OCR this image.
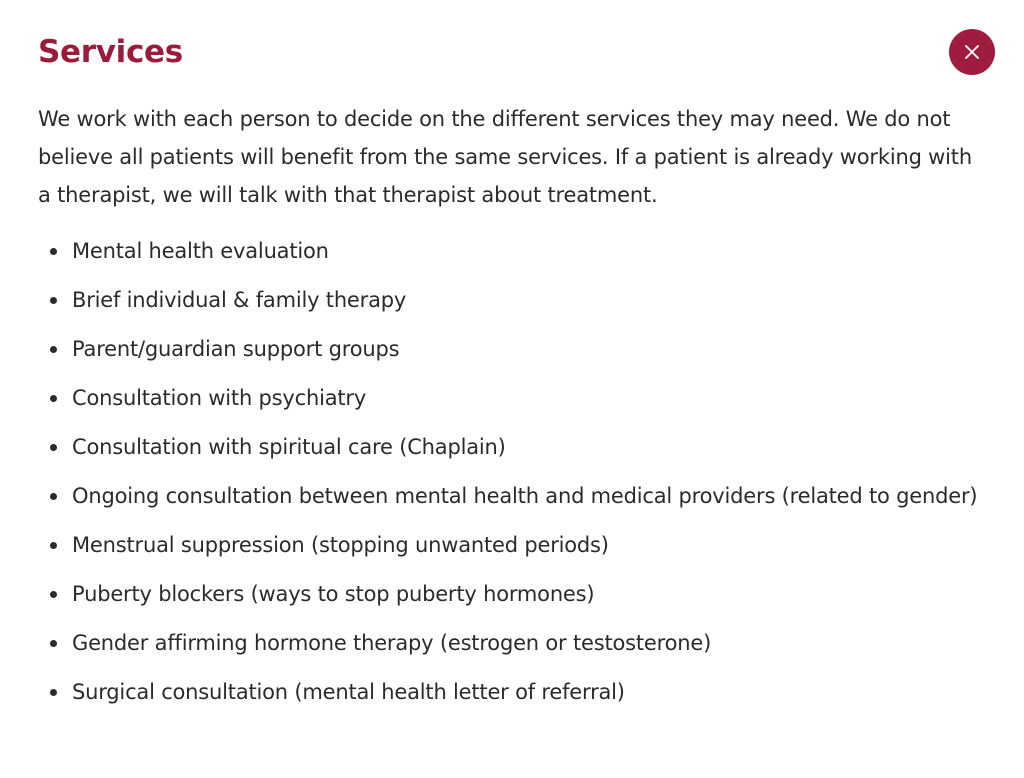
Services

We work with each person to decide on the different services they may need. We do not believe all patients will benefit from the same services. If a patient is already working with a therapist, we will talk with that therapist about treatment.

Mental health evaluation
Brief individual & family therapy
Parent/guardian support groups
Consultation with psychiatry
Consultation with spiritual care (Chaplain)
Ongoing consultation between mental health and medical providers (related to gender)
Menstrual suppression (stopping unwanted periods)
Puberty blockers (ways to stop puberty hormones)
Gender affirming hormone therapy (estrogen or testosterone)
Surgical consultation (mental health letter of referral)
